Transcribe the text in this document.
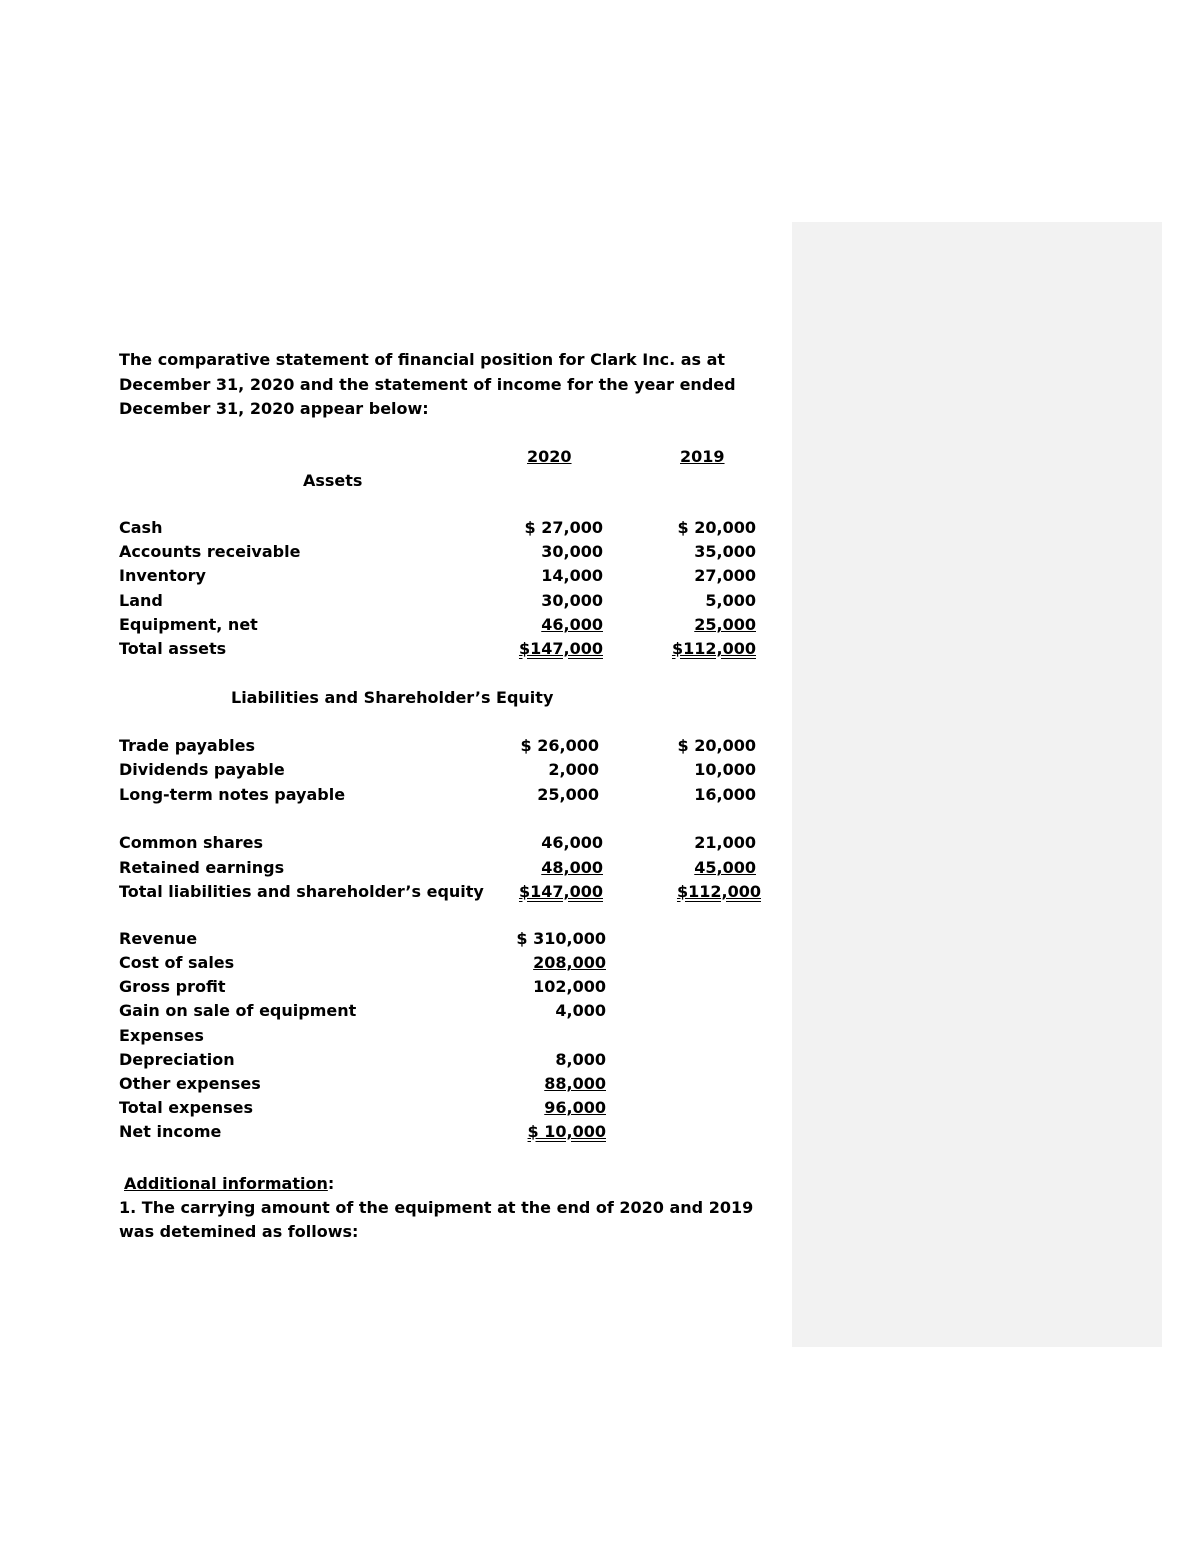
The comparative statement of financial position for Clark Inc. as at December 31, 2020 and the statement of income for the year ended December 31, 2020 appear below:
2020	2019
Assets
Cash	$ 27,000	$ 20,000
Accounts receivable	30,000	35,000
Inventory	14,000	27,000
Land	30,000	5,000
Equipment, net	46,000	25,000
Total assets	$147,000	$112,000
Liabilities and Shareholder’s Equity
Trade payables	$ 26,000	$ 20,000
Dividends payable	2,000	10,000
Long-term notes payable	25,000	16,000
Common shares	46,000	21,000
Retained earnings	48,000	45,000
Total liabilities and shareholder’s equity $147,000	$112,000
Revenue	$ 310,000
Cost of sales	208,000
Gross profit	102,000
Gain on sale of equipment	4,000
Expenses
Depreciation	8,000
Other expenses	88,000
Total expenses	96,000
Net income	$ 10,000
Additional information:
1. The carrying amount of the equipment at the end of 2020 and 2019 was detemined as follows:
